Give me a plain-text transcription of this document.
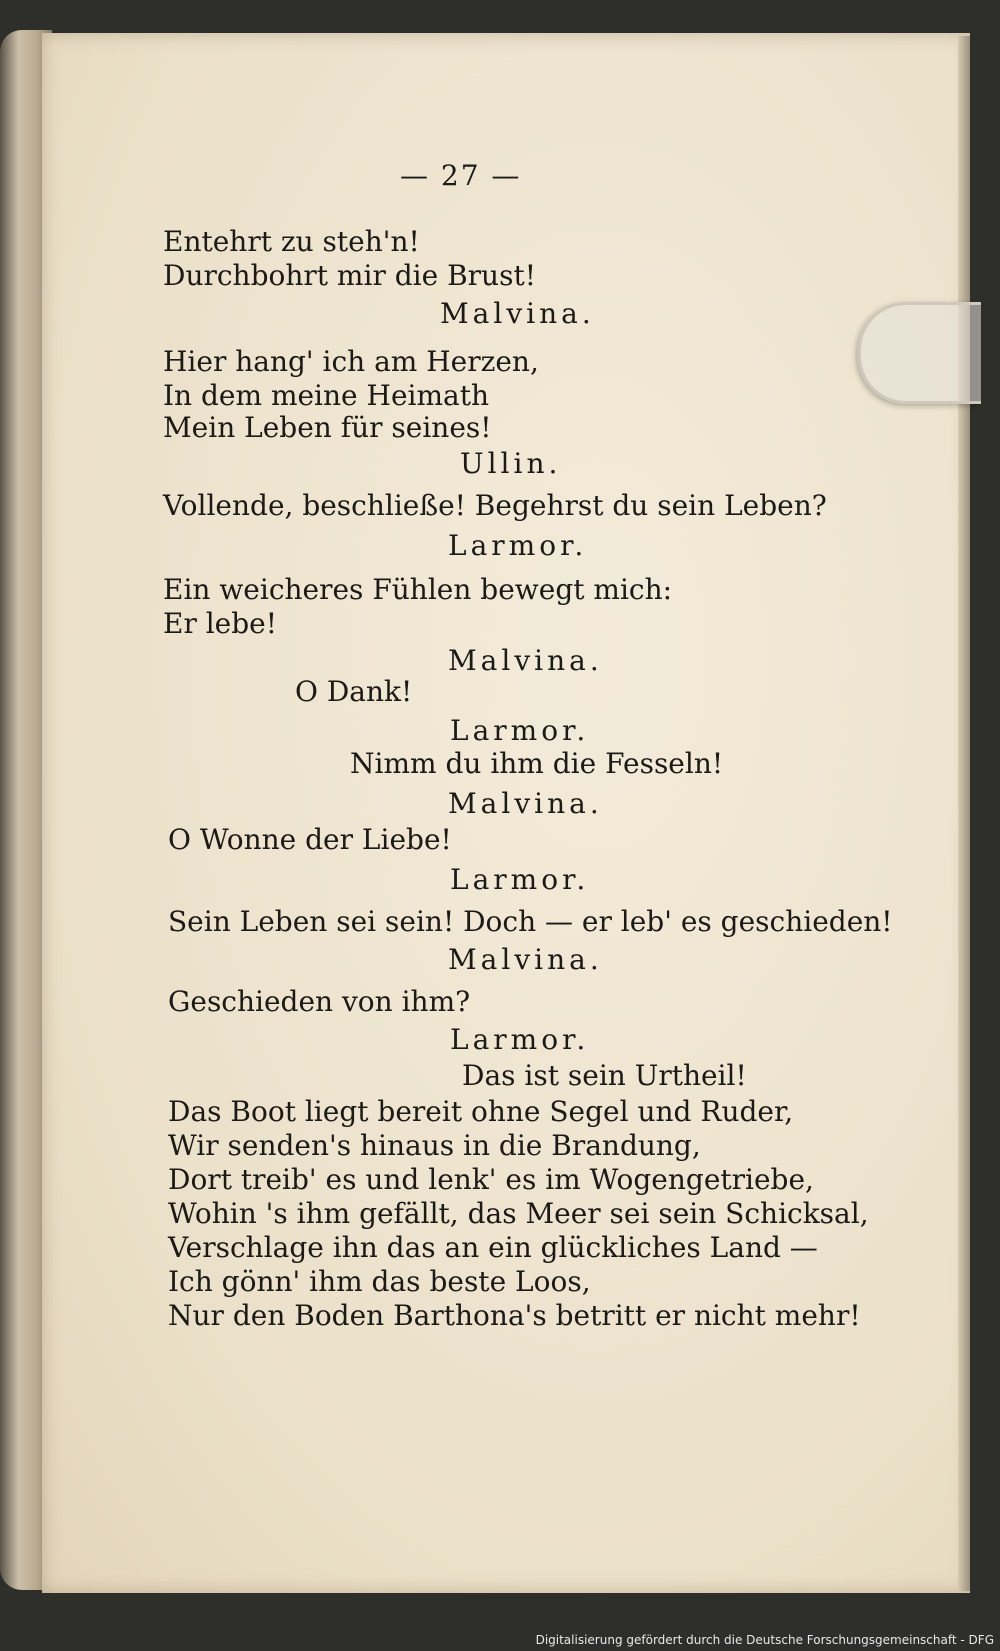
— 27 —
Entehrt zu steh'n!
Durchbohrt mir die Brust!
Malvina.
Hier hang' ich am Herzen,
In dem meine Heimath
Mein Leben für seines!
Ullin.
Vollende, beschließe! Begehrst du sein Leben?
Larmor.
Ein weicheres Fühlen bewegt mich:
Er lebe!
Malvina.
O Dank!
Larmor.
Nimm du ihm die Fesseln!
Malvina.
O Wonne der Liebe!
Larmor.
Sein Leben sei sein! Doch — er leb' es geschieden!
Malvina.
Geschieden von ihm?
Larmor.
Das ist sein Urtheil!
Das Boot liegt bereit ohne Segel und Ruder,
Wir senden's hinaus in die Brandung,
Dort treib' es und lenk' es im Wogengetriebe,
Wohin 's ihm gefällt, das Meer sei sein Schicksal,
Verschlage ihn das an ein glückliches Land —
Ich gönn' ihm das beste Loos,
Nur den Boden Barthona's betritt er nicht mehr!
Digitalisierung gefördert durch die Deutsche Forschungsgemeinschaft - DFG
